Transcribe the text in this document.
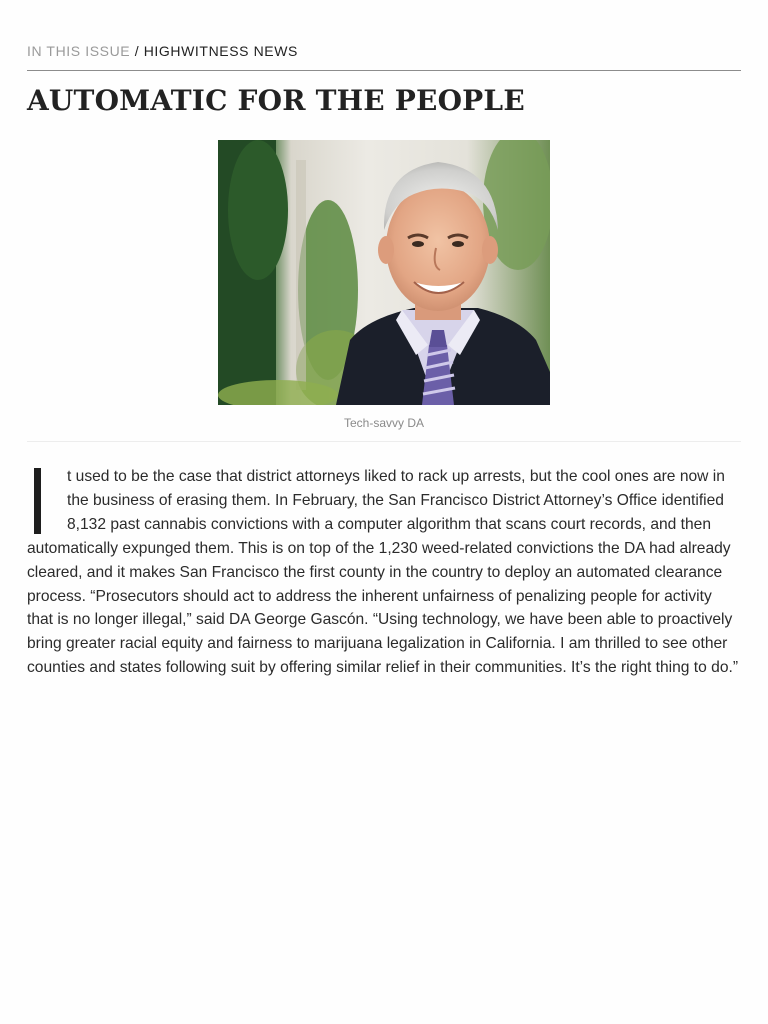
IN THIS ISSUE / HIGHWITNESS NEWS
AUTOMATIC FOR THE PEOPLE
Tech-savvy DA

t used to be the case that district attorneys liked to rack up arrests, but the cool ones are now in the business of erasing them. In February, the San Francisco District Attorney’s Office identified 8,132 past cannabis convictions with a computer algorithm that scans court records, and then automatically expunged them. This is on top of the 1,230 weed-related convictions the DA had already cleared, and it makes San Francisco the first county in the country to deploy an automated clearance process. “Prosecutors should act to address the inherent unfairness of penalizing people for activity that is no longer illegal,” said DA George Gascón. “Using technology, we have been able to proactively bring greater racial equity and fairness to marijuana legalization in California. I am thrilled to see other counties and states following suit by offering similar relief in their communities. It’s the right thing to do.”
